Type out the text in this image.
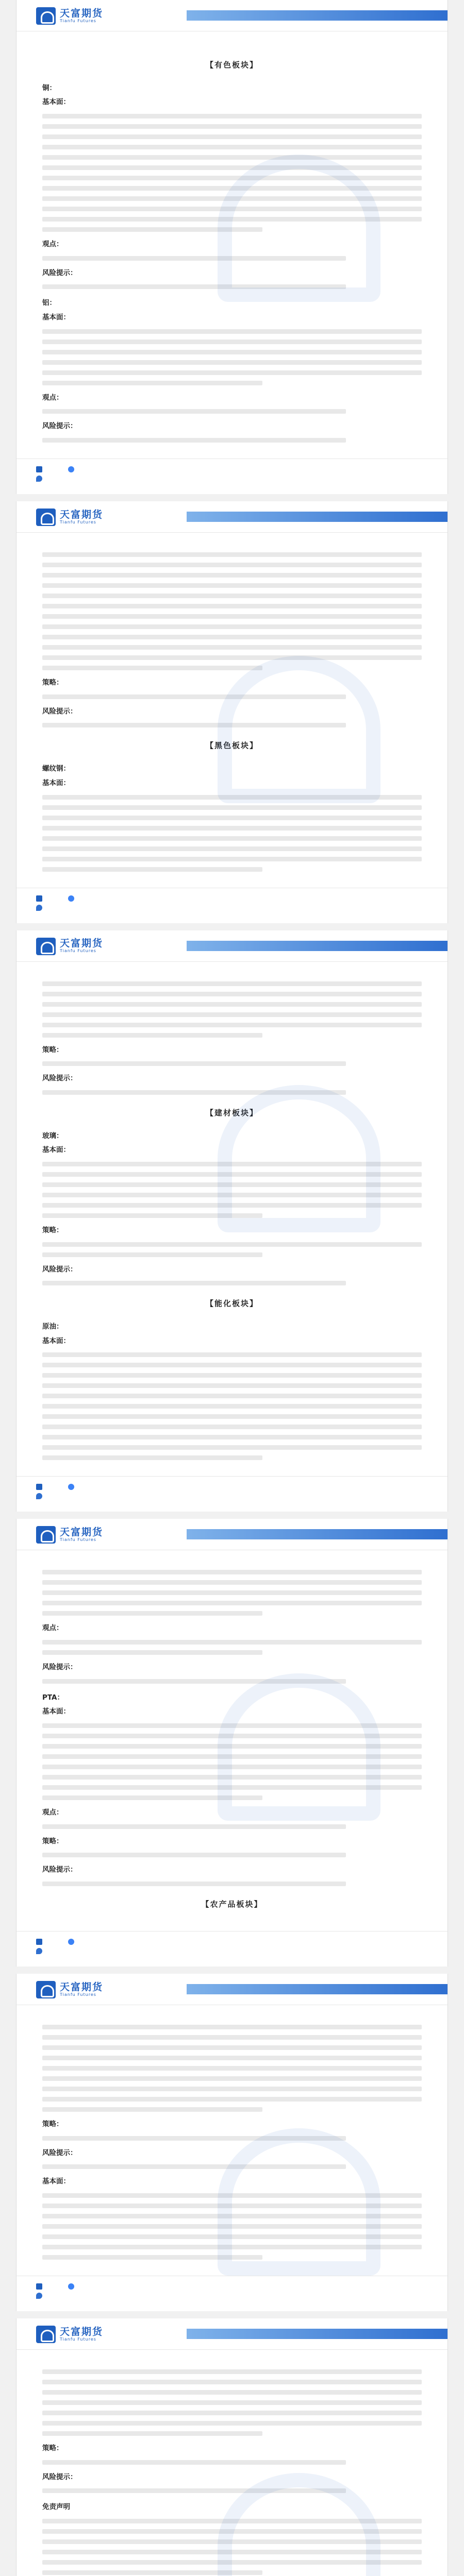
天富期货
Tianfu Futures
【有色板块】
铜：
基本面：
观点：
风险提示：
铝：
基本面：
观点：
风险提示：
天富期货
Tianfu Futures
策略：
风险提示：
【黑色板块】
螺纹钢：
基本面：
天富期货
Tianfu Futures
策略：
风险提示：
【建材板块】
玻璃：
基本面：
策略：
风险提示：
【能化板块】
原油：
基本面：
天富期货
Tianfu Futures
观点：
风险提示：
PTA：
基本面：
观点：
策略：
风险提示：
【农产品板块】
天富期货
Tianfu Futures
策略：
风险提示：
基本面：
天富期货
Tianfu Futures
策略：
风险提示：
免责声明
